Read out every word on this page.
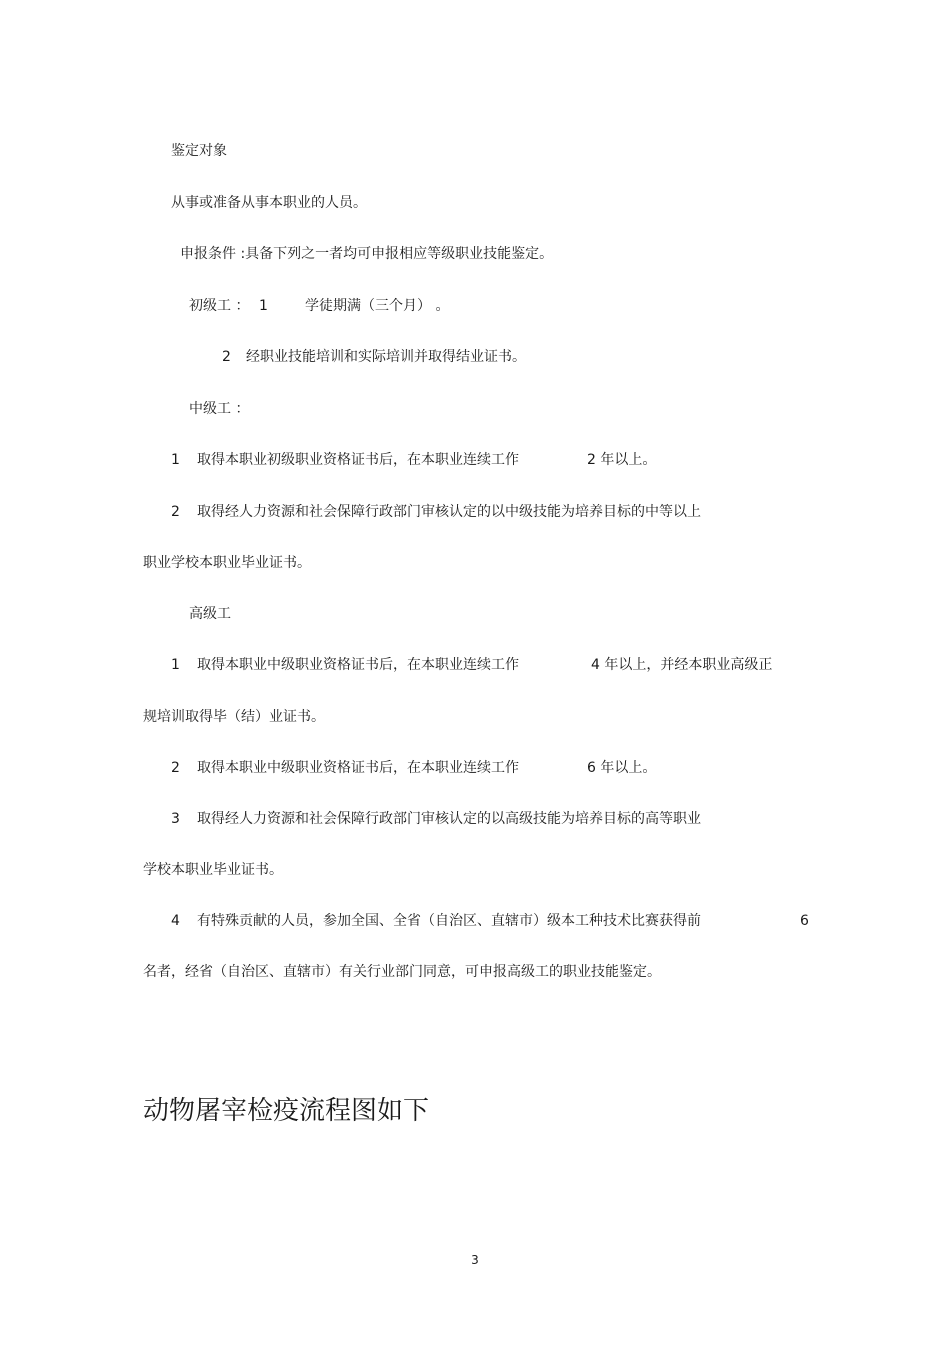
鉴定对象
从事或准备从事本职业的人员。
申报条件 :具备下列之一者均可申报相应等级职业技能鉴定。
初级工 ： 1	学徒期满（三个月） 。
2 经职业技能培训和实际培训并取得结业证书。
中级工 ：
1 取得本职业初级职业资格证书后，在本职业连续工作	2 年以上。
2 取得经人力资源和社会保障行政部门审核认定的以中级技能为培养目标的中等以上
职业学校本职业毕业证书。
高级工
1 取得本职业中级职业资格证书后，在本职业连续工作	4 年以上，并经本职业高级正
规培训取得毕（结）业证书。
2 取得本职业中级职业资格证书后，在本职业连续工作	6 年以上。
3 取得经人力资源和社会保障行政部门审核认定的以高级技能为培养目标的高等职业
学校本职业毕业证书。
4 有特殊贡献的人员，参加全国、全省（自治区、直辖市）级本工种技术比赛获得前	6
名者，经省（自治区、直辖市）有关行业部门同意，可申报高级工的职业技能鉴定。
动物屠宰检疫流程图如下
3
